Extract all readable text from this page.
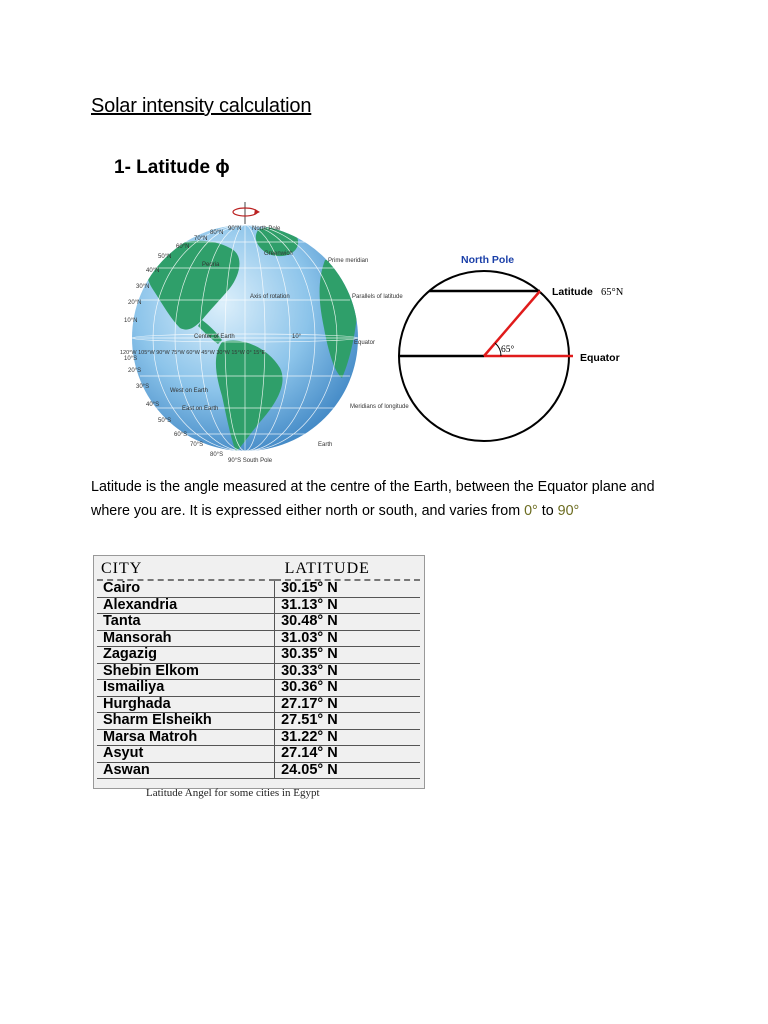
Solar intensity calculation
1- Latitude ϕ
90°N North Pole
Greenwich
Prime meridian
Parallels of latitude
Equator
Meridians of longitude
Earth
Axis of rotation
Center of Earth	10°
Peoria
West on Earth
East on Earth
120°W 105°W 90°W 75°W 60°W 45°W 30°W 15°W 0° 15°E
90°S South Pole
80°N
70°N
60°N
50°N
40°N
30°N
20°N
10°N
10°S
20°S
30°S
40°S
50°S
60°S
70°S
80°S
North Pole
Latitude 65°N
65°
Equator
Latitude is the angle measured at the centre of the Earth, between the Equator plane and where you are. It is expressed either north or south, and varies from 0° to 90°
CITY	LATITUDE
Cairo	30.15° N
Alexandria	31.13° N
Tanta	30.48° N
Mansorah	31.03° N
Zagazig	30.35° N
Shebin Elkom	30.33° N
Ismailiya	30.36° N
Hurghada	27.17° N
Sharm Elsheikh	27.51° N
Marsa Matroh	31.22° N
Asyut	27.14° N
Aswan	24.05° N
Latitude Angel for some cities in Egypt
